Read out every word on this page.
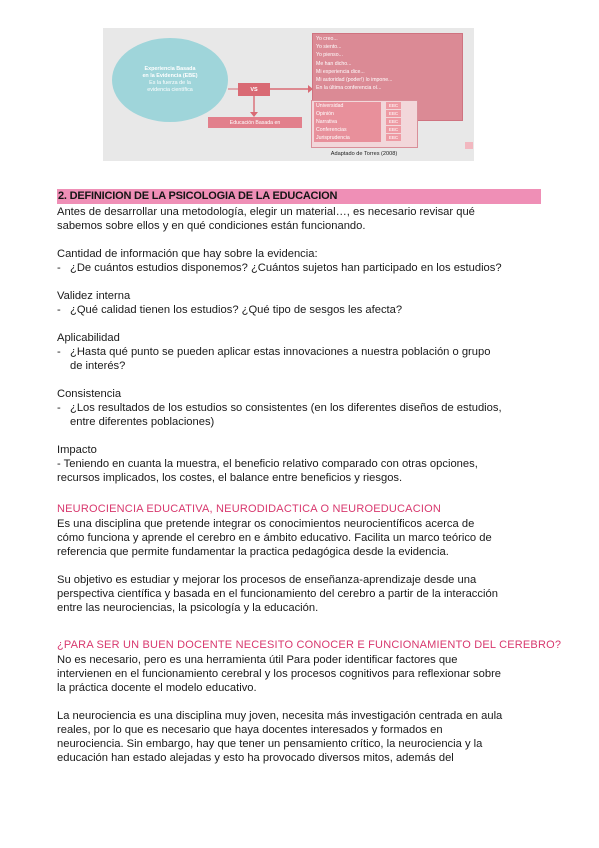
Experiencia Basada
en la Evidencia (EBE)
Es la fuerza de la
evidencia científica	VS
Yo creo...
Yo siento...
Yo pienso...
Me han dicho...
Mi experiencia dice...
Mi autoridad (poder!) lo impone...
En la última conferencia oí...
Educación Basada en
Universidad
Opinión
Narrativa
Conferencias
Jurisprudencia
EBC
EBC
EBC
EBC
EBC
Adaptado de Torres (2008)
2. DEFINICION DE LA PSICOLOGIA DE LA EDUCACION
Antes de desarrollar una metodología, elegir un material…, es necesario revisar qué
sabemos sobre ellos y en qué condiciones están funcionando.
Cantidad de información que hay sobre la evidencia:
- ¿De cuántos estudios disponemos? ¿Cuántos sujetos han participado en los estudios?
Validez interna
- ¿Qué calidad tienen los estudios? ¿Qué tipo de sesgos les afecta?
Aplicabilidad
- ¿Hasta qué punto se pueden aplicar estas innovaciones a nuestra población o grupo
de interés?
Consistencia
- ¿Los resultados de los estudios so consistentes (en los diferentes diseños de estudios,
entre diferentes poblaciones)
Impacto
- Teniendo en cuanta la muestra, el beneficio relativo comparado con otras opciones,
recursos implicados, los costes, el balance entre beneficios y riesgos.
NEUROCIENCIA EDUCATIVA, NEURODIDACTICA O NEUROEDUCACION
Es una disciplina que pretende integrar os conocimientos neurocientíficos acerca de
cómo funciona y aprende el cerebro en e ámbito educativo. Facilita un marco teórico de
referencia que permite fundamentar la practica pedagógica desde la evidencia.
Su objetivo es estudiar y mejorar los procesos de enseñanza-aprendizaje desde una
perspectiva científica y basada en el funcionamiento del cerebro a partir de la interacción
entre las neurociencias, la psicología y la educación.
¿PARA SER UN BUEN DOCENTE NECESITO CONOCER E FUNCIONAMIENTO DEL CEREBRO?
No es necesario, pero es una herramienta útil Para poder identificar factores que
intervienen en el funcionamiento cerebral y los procesos cognitivos para reflexionar sobre
la práctica docente el modelo educativo.
La neurociencia es una disciplina muy joven, necesita más investigación centrada en aula
reales, por lo que es necesario que haya docentes interesados y formados en
neurociencia. Sin embargo, hay que tener un pensamiento crítico, la neurociencia y la
educación han estado alejadas y esto ha provocado diversos mitos, además del
